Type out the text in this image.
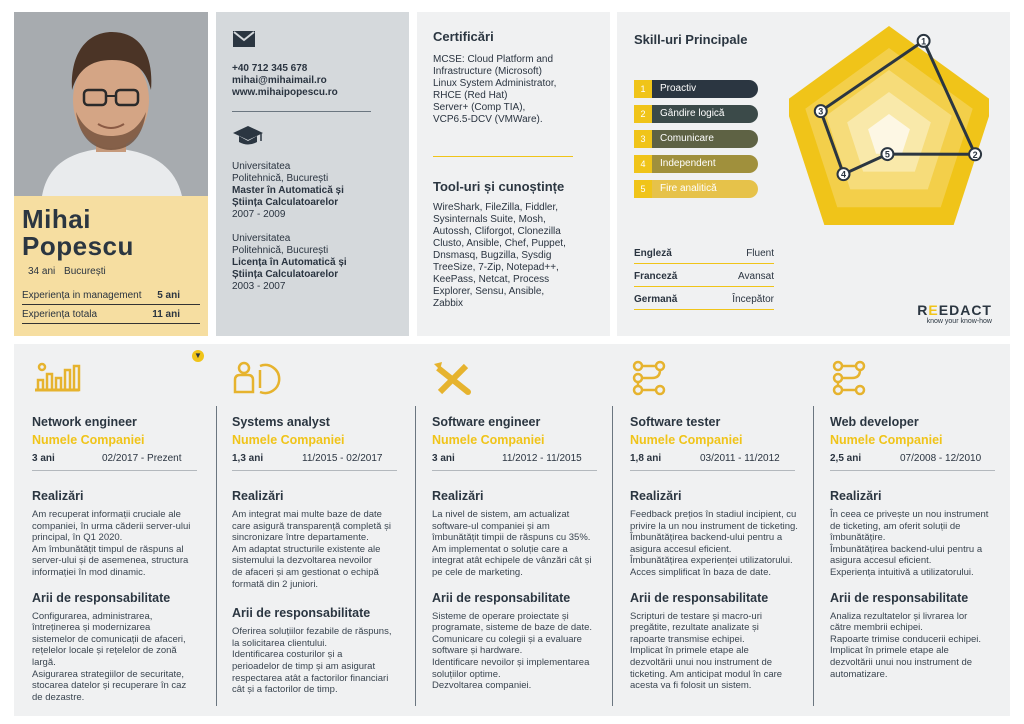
Mihai
Popescu
34 ani București
Experiența in management 5 ani
Experiența totala	11 ani
+40 712 345 678
mihai@mihaimail.ro
www.mihaipopescu.ro
Universitatea
Politehnică, București
Master în Automatică și
Știința Calculatoarelor
2007 - 2009
Universitatea
Politehnică, București
Licența în Automatică și
Știința Calculatoarelor
2003 - 2007
Certificări
MCSE: Cloud Platform and
Infrastructure (Microsoft)
Linux System Administrator,
RHCE (Red Hat)
Server+ (Comp TIA),
VCP6.5-DCV (VMWare).
Tool-uri și cunoștințe
WireShark, FileZilla, Fiddler,
Sysinternals Suite, Mosh,
Autossh, Cliforgot, Clonezilla
Clusto, Ansible, Chef, Puppet,
Dnsmasq, Bugzilla, Sysdig
TreeSize, 7-Zip, Notepad++,
KeePass, Netcat, Process
Explorer, Sensu, Ansible,
Zabbix
Skill-uri Principale
1	Proactiv
2	Gândire logică
3	Comunicare
4	Independent
5	Fire analitică
1
2
3
4
5
Engleză	Fluent
Franceză	Avansat
Germană	Începător
REEDACT
know your know-how
▼
Network engineer
Numele Companiei
3 ani	02/2017 - Prezent
Realizări
Am recuperat informații cruciale ale
companiei, în urma căderii server-ului
principal, în Q1 2020.
Am îmbunătățit timpul de răspuns al
server-ului și de asemenea, structura
informației în mod dinamic.
Arii de responsabilitate
Configurarea, administrarea,
întreținerea și modernizarea
sistemelor de comunicații de afaceri,
rețelelor locale și rețelelor de zonă
largă.
Asigurarea strategiilor de securitate,
stocarea datelor și recuperare în caz
de dezastre.
Systems analyst
Numele Companiei
1,3 ani	11/2015 - 02/2017
Realizări
Am integrat mai multe baze de date
care asigură transparență completă și
sincronizare între departamente.
Am adaptat structurile existente ale
sistemului la dezvoltarea nevoilor
de afaceri și am gestionat o echipă
formată din 2 juniori.
Arii de responsabilitate
Oferirea soluțiilor fezabile de răspuns,
la solicitarea clientului.
Identificarea costurilor și a
perioadelor de timp și am asigurat
respectarea atât a factorilor financiari
cât și a factorilor de timp.
Software engineer
Numele Companiei
3 ani	11/2012 - 11/2015
Realizări
La nivel de sistem, am actualizat
software-ul companiei și am
îmbunătățit timpii de răspuns cu 35%.
Am implementat o soluție care a
integrat atât echipele de vânzări cât și
pe cele de marketing.
Arii de responsabilitate
Sisteme de operare proiectate și
programate, sisteme de baze de date.
Comunicare cu colegii și a evaluare
software și hardware.
Identificare nevoilor și implementarea
soluțiilor optime.
Dezvoltarea companiei.
Software tester
Numele Companiei
1,8 ani	03/2011 - 11/2012
Realizări
Feedback prețios în stadiul incipient, cu
privire la un nou instrument de ticketing.
Îmbunătățirea backend-ului pentru a
asigura accesul eficient.
Îmbunătățirea experienței utilizatorului.
Acces simplificat în baza de date.
Arii de responsabilitate
Scripturi de testare și macro-uri
pregătite, rezultate analizate și
rapoarte transmise echipei.
Implicat în primele etape ale
dezvoltării unui nou instrument de
ticketing. Am anticipat modul în care
acesta va fi folosit un sistem.
Web developer
Numele Companiei
2,5 ani	07/2008 - 12/2010
Realizări
În ceea ce privește un nou instrument
de ticketing, am oferit soluții de
îmbunătățire.
Îmbunătățirea backend-ului pentru a
asigura accesul eficient.
Experiența intuitivă a utilizatorului.
Arii de responsabilitate
Analiza rezultatelor și livrarea lor
către membrii echipei.
Rapoarte trimise conducerii echipei.
Implicat în primele etape ale
dezvoltării unui nou instrument de
automatizare.
